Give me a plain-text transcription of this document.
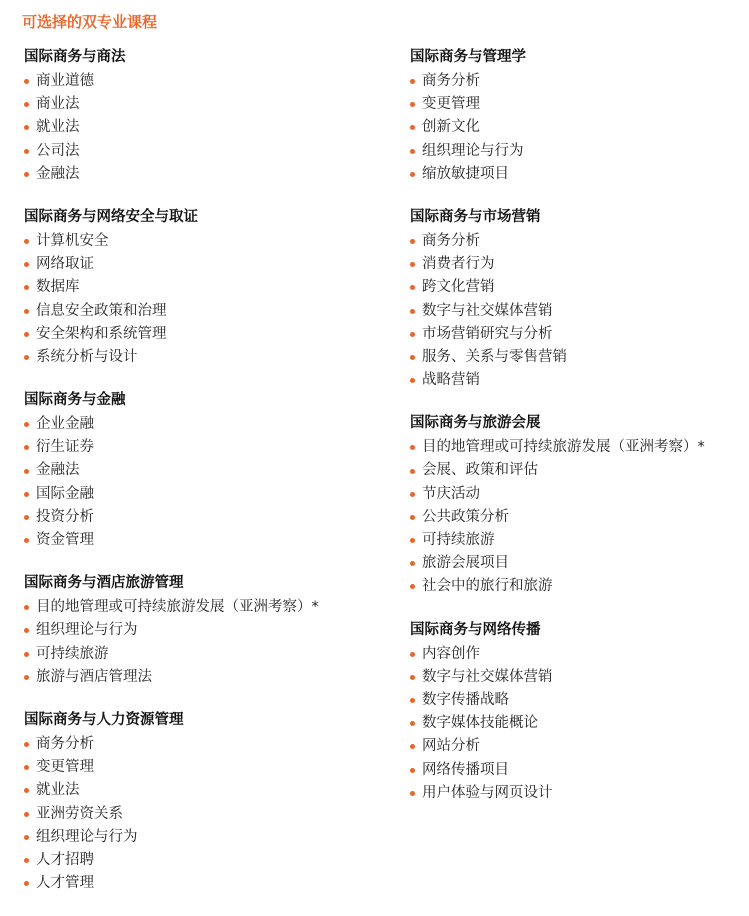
可选择的双专业课程
国际商务与商法
商业道德
商业法
就业法
公司法
金融法
国际商务与网络安全与取证
计算机安全
网络取证
数据库
信息安全政策和治理
安全架构和系统管理
系统分析与设计
国际商务与金融
企业金融
衍生证券
金融法
国际金融
投资分析
资金管理
国际商务与酒店旅游管理
目的地管理或可持续旅游发展（亚洲考察）*
组织理论与行为
可持续旅游
旅游与酒店管理法
国际商务与人力资源管理
商务分析
变更管理
就业法
亚洲劳资关系
组织理论与行为
人才招聘
人才管理
国际商务与管理学
商务分析
变更管理
创新文化
组织理论与行为
缩放敏捷项目
国际商务与市场营销
商务分析
消费者行为
跨文化营销
数字与社交媒体营销
市场营销研究与分析
服务、关系与零售营销
战略营销
国际商务与旅游会展
目的地管理或可持续旅游发展（亚洲考察）*
会展、政策和评估
节庆活动
公共政策分析
可持续旅游
旅游会展项目
社会中的旅行和旅游
国际商务与网络传播
内容创作
数字与社交媒体营销
数字传播战略
数字媒体技能概论
网站分析
网络传播项目
用户体验与网页设计
